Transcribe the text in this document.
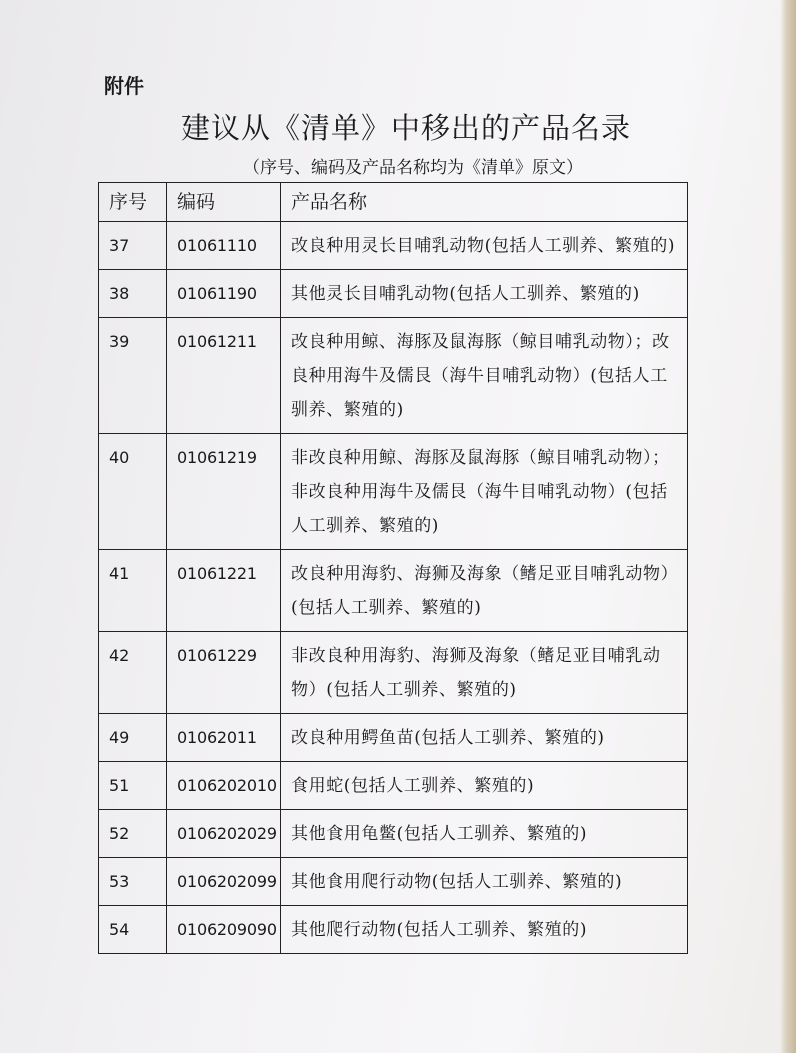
附件
建议从《清单》中移出的产品名录
（序号、编码及产品名称均为《清单》原文）
序号	编码	产品名称
37	01061110	改良种用灵长目哺乳动物(包括人工驯养、繁殖的)
38	01061190	其他灵长目哺乳动物(包括人工驯养、繁殖的)
39	01061211	改良种用鲸、海豚及鼠海豚（鲸目哺乳动物）；改良种用海牛及儒艮（海牛目哺乳动物）(包括人工驯养、繁殖的)
40	01061219	非改良种用鲸、海豚及鼠海豚（鲸目哺乳动物）；非改良种用海牛及儒艮（海牛目哺乳动物）(包括人工驯养、繁殖的)
41	01061221	改良种用海豹、海狮及海象（鳍足亚目哺乳动物）(包括人工驯养、繁殖的)
42	01061229	非改良种用海豹、海狮及海象（鳍足亚目哺乳动物）(包括人工驯养、繁殖的)
49	01062011	改良种用鳄鱼苗(包括人工驯养、繁殖的)
51	0106202010	食用蛇(包括人工驯养、繁殖的)
52	0106202029	其他食用龟鳖(包括人工驯养、繁殖的)
53	0106202099	其他食用爬行动物(包括人工驯养、繁殖的)
54	0106209090	其他爬行动物(包括人工驯养、繁殖的)
